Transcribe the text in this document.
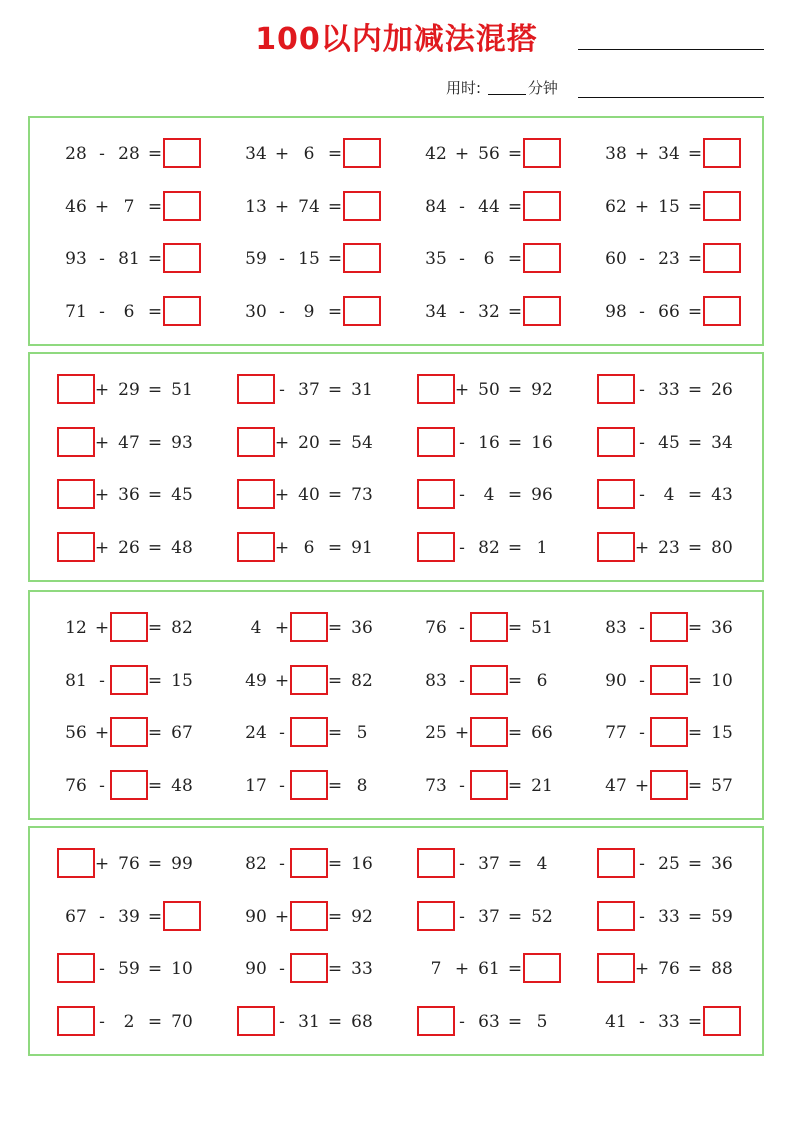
100以内加减法混搭
用时:	分钟
28 - 28 =	34 + 6 =	42 + 56 =	38 + 34 =
46 + 7 =	13 + 74 =	84 - 44 =	62 + 15 =
93 - 81 =	59 - 15 =	35 - 6 =	60 - 23 =
71 - 6 =	30 - 9 =	34 - 32 =	98 - 66 =
+ 29 = 51	- 37 = 31	+ 50 = 92	- 33 = 26
+ 47 = 93	+ 20 = 54	- 16 = 16	- 45 = 34
+ 36 = 45	+ 40 = 73	- 4 = 96	- 4 = 43
+ 26 = 48	+ 6 = 91	- 82 = 1	+ 23 = 80
12 + = 82	4 + = 36	76 -	= 51	83 -	= 36
81 -	= 15	49 + = 82	83 -	= 6	90 -	= 10
56 + = 67	24 -	= 5	25 + = 66	77 -	= 15
76 -	= 48	17 -	= 8	73 -	= 21	47 + = 57
+ 76 = 99	82 -	= 16	- 37 = 4	- 25 = 36
67 - 39 =	90 + = 92	- 37 = 52	- 33 = 59
- 59 = 10	90 -	= 33	7 + 61 =	+ 76 = 88
- 2 = 70	- 31 = 68	- 63 = 5	41 - 33 =
